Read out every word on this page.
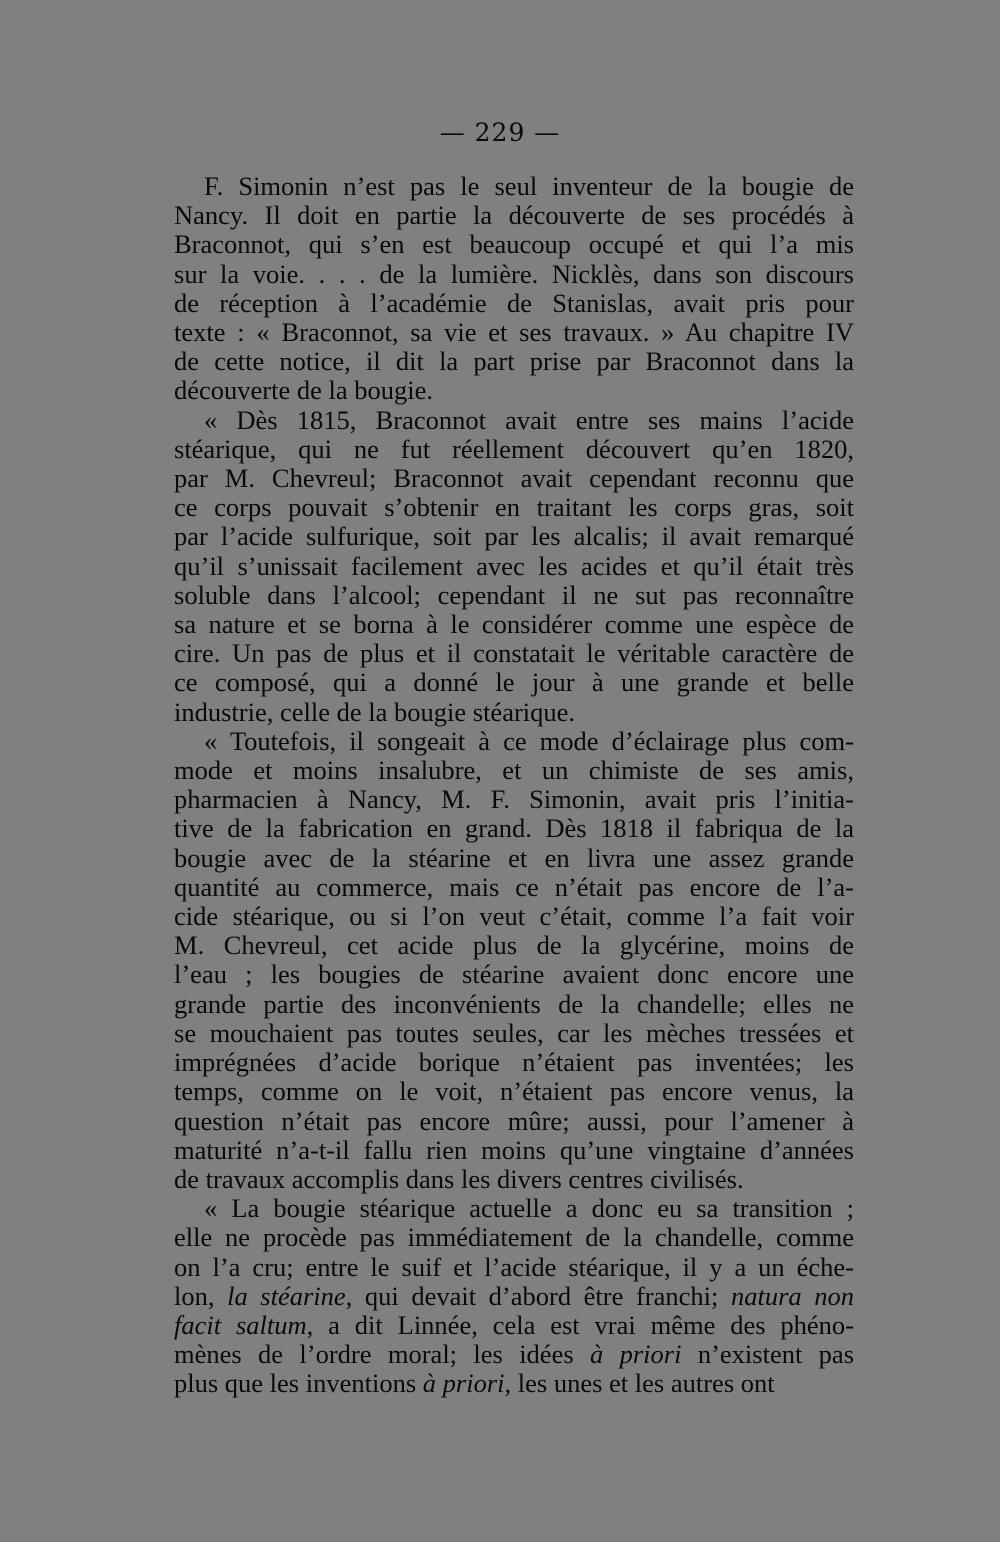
— 229 —

F. Simonin n’est pas le seul inventeur de la bougie de
Nancy. Il doit en partie la découverte de ses procédés à
Braconnot, qui s’en est beaucoup occupé et qui l’a mis
sur la voie. . . . de la lumière. Nicklès, dans son discours
de réception à l’académie de Stanislas, avait pris pour
texte : « Braconnot, sa vie et ses travaux. » Au chapitre IV
de cette notice, il dit la part prise par Braconnot dans la
découverte de la bougie.

« Dès 1815, Braconnot avait entre ses mains l’acide
stéarique, qui ne fut réellement découvert qu’en 1820,
par M. Chevreul; Braconnot avait cependant reconnu que
ce corps pouvait s’obtenir en traitant les corps gras, soit
par l’acide sulfurique, soit par les alcalis; il avait remarqué
qu’il s’unissait facilement avec les acides et qu’il était très
soluble dans l’alcool; cependant il ne sut pas reconnaître
sa nature et se borna à le considérer comme une espèce de
cire. Un pas de plus et il constatait le véritable caractère de
ce composé, qui a donné le jour à une grande et belle
industrie, celle de la bougie stéarique.

« Toutefois, il songeait à ce mode d’éclairage plus com-
mode et moins insalubre, et un chimiste de ses amis,
pharmacien à Nancy, M. F. Simonin, avait pris l’initia-
tive de la fabrication en grand. Dès 1818 il fabriqua de la
bougie avec de la stéarine et en livra une assez grande
quantité au commerce, mais ce n’était pas encore de l’a-
cide stéarique, ou si l’on veut c’était, comme l’a fait voir
M. Chevreul, cet acide plus de la glycérine, moins de
l’eau ; les bougies de stéarine avaient donc encore une
grande partie des inconvénients de la chandelle; elles ne
se mouchaient pas toutes seules, car les mèches tressées et
imprégnées d’acide borique n’étaient pas inventées; les
temps, comme on le voit, n’étaient pas encore venus, la
question n’était pas encore mûre; aussi, pour l’amener à
maturité n’a-t-il fallu rien moins qu’une vingtaine d’années
de travaux accomplis dans les divers centres civilisés.

« La bougie stéarique actuelle a donc eu sa transition ;
elle ne procède pas immédiatement de la chandelle, comme
on l’a cru; entre le suif et l’acide stéarique, il y a un éche-
lon, la stéarine, qui devait d’abord être franchi; natura non
facit saltum, a dit Linnée, cela est vrai même des phéno-
mènes de l’ordre moral; les idées à priori n’existent pas
plus que les inventions à priori, les unes et les autres ont
